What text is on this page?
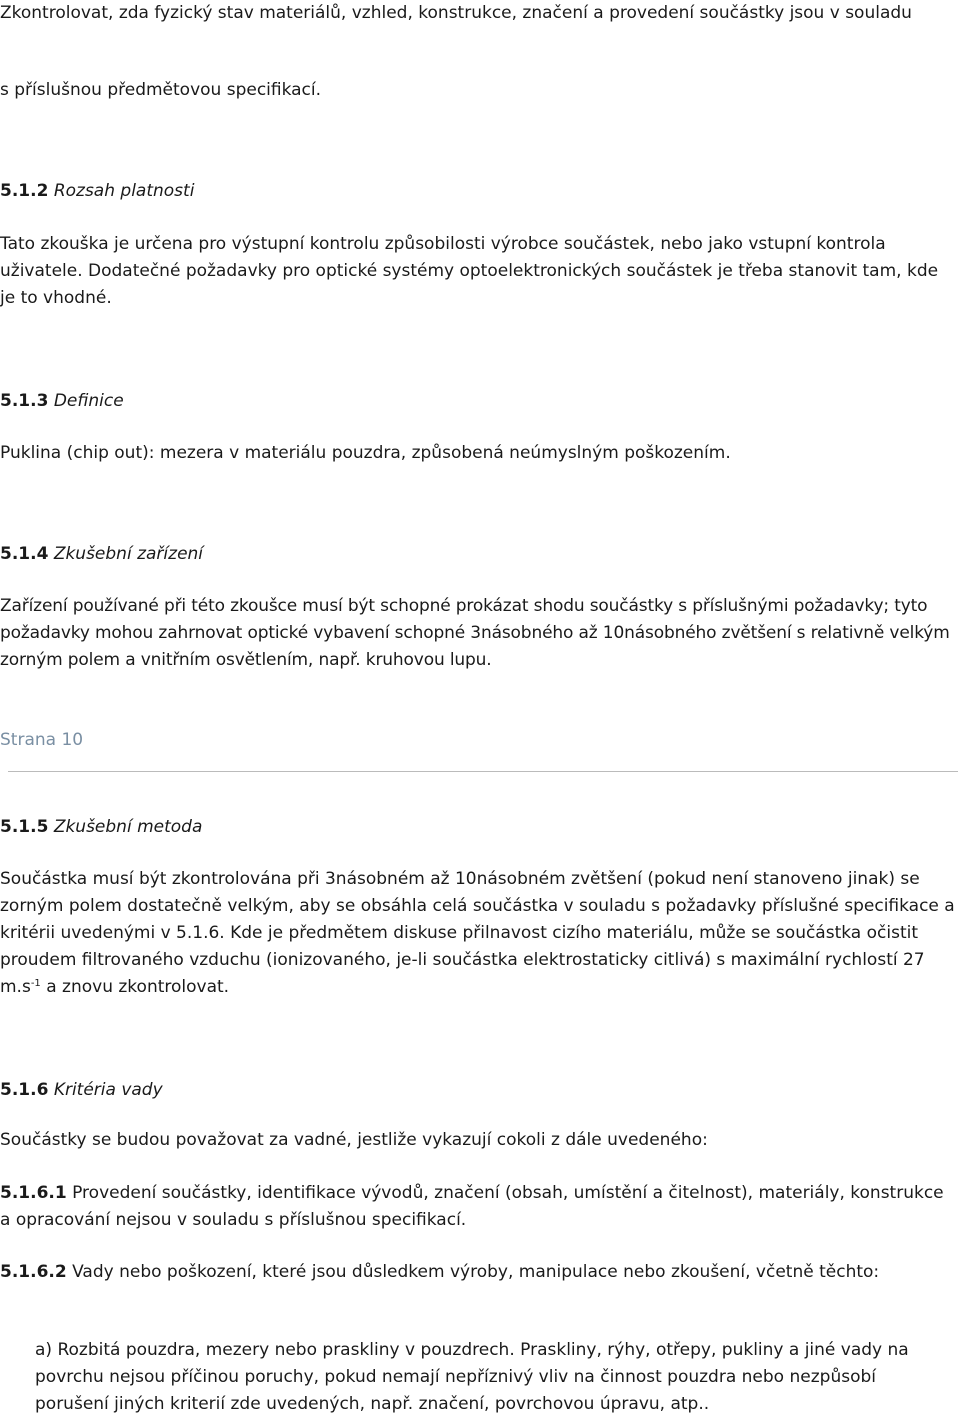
Zkontrolovat, zda fyzický stav materiálů, vzhled, konstrukce, značení a provedení součástky jsou v souladu

s příslušnou předmětovou specifikací.

5.1.2 Rozsah platnosti

Tato zkouška je určena pro výstupní kontrolu způsobilosti výrobce součástek, nebo jako vstupní kontrola uživatele. Dodatečné požadavky pro optické systémy optoelektronických součástek je třeba stanovit tam, kde je to vhodné.

5.1.3 Definice

Puklina (chip out): mezera v materiálu pouzdra, způsobená neúmyslným poškozením.

5.1.4 Zkušební zařízení

Zařízení používané při této zkoušce musí být schopné prokázat shodu součástky s příslušnými požadavky; tyto požadavky mohou zahrnovat optické vybavení schopné 3násobného až 10násobného zvětšení s relativně velkým zorným polem a vnitřním osvětlením, např. kruhovou lupu.

Strana 10

5.1.5 Zkušební metoda

Součástka musí být zkontrolována při 3násobném až 10násobném zvětšení (pokud není stanoveno jinak) se zorným polem dostatečně velkým, aby se obsáhla celá součástka v souladu s požadavky příslušné specifikace a kritérii uvedenými v 5.1.6. Kde je předmětem diskuse přilnavost cizího materiálu, může se součástka očistit proudem filtrovaného vzduchu (ionizovaného, je-li součástka elektrostaticky citlivá) s maximální rychlostí 27 $m.s^{-1}$ a znovu zkontrolovat.

5.1.6 Kritéria vady

Součástky se budou považovat za vadné, jestliže vykazují cokoli z dále uvedeného:

5.1.6.1 Provedení součástky, identifikace vývodů, značení (obsah, umístění a čitelnost), materiály, konstrukce a opracování nejsou v souladu s příslušnou specifikací.

5.1.6.2 Vady nebo poškození, které jsou důsledkem výroby, manipulace nebo zkoušení, včetně těchto:

a) Rozbitá pouzdra, mezery nebo praskliny v pouzdrech. Praskliny, rýhy, otřepy, pukliny a jiné vady na povrchu nejsou příčinou poruchy, pokud nemají nepříznivý vliv na činnost pouzdra nebo nezpůsobí porušení jiných kriterií zde uvedených, např. značení, povrchovou úpravu, atp..
